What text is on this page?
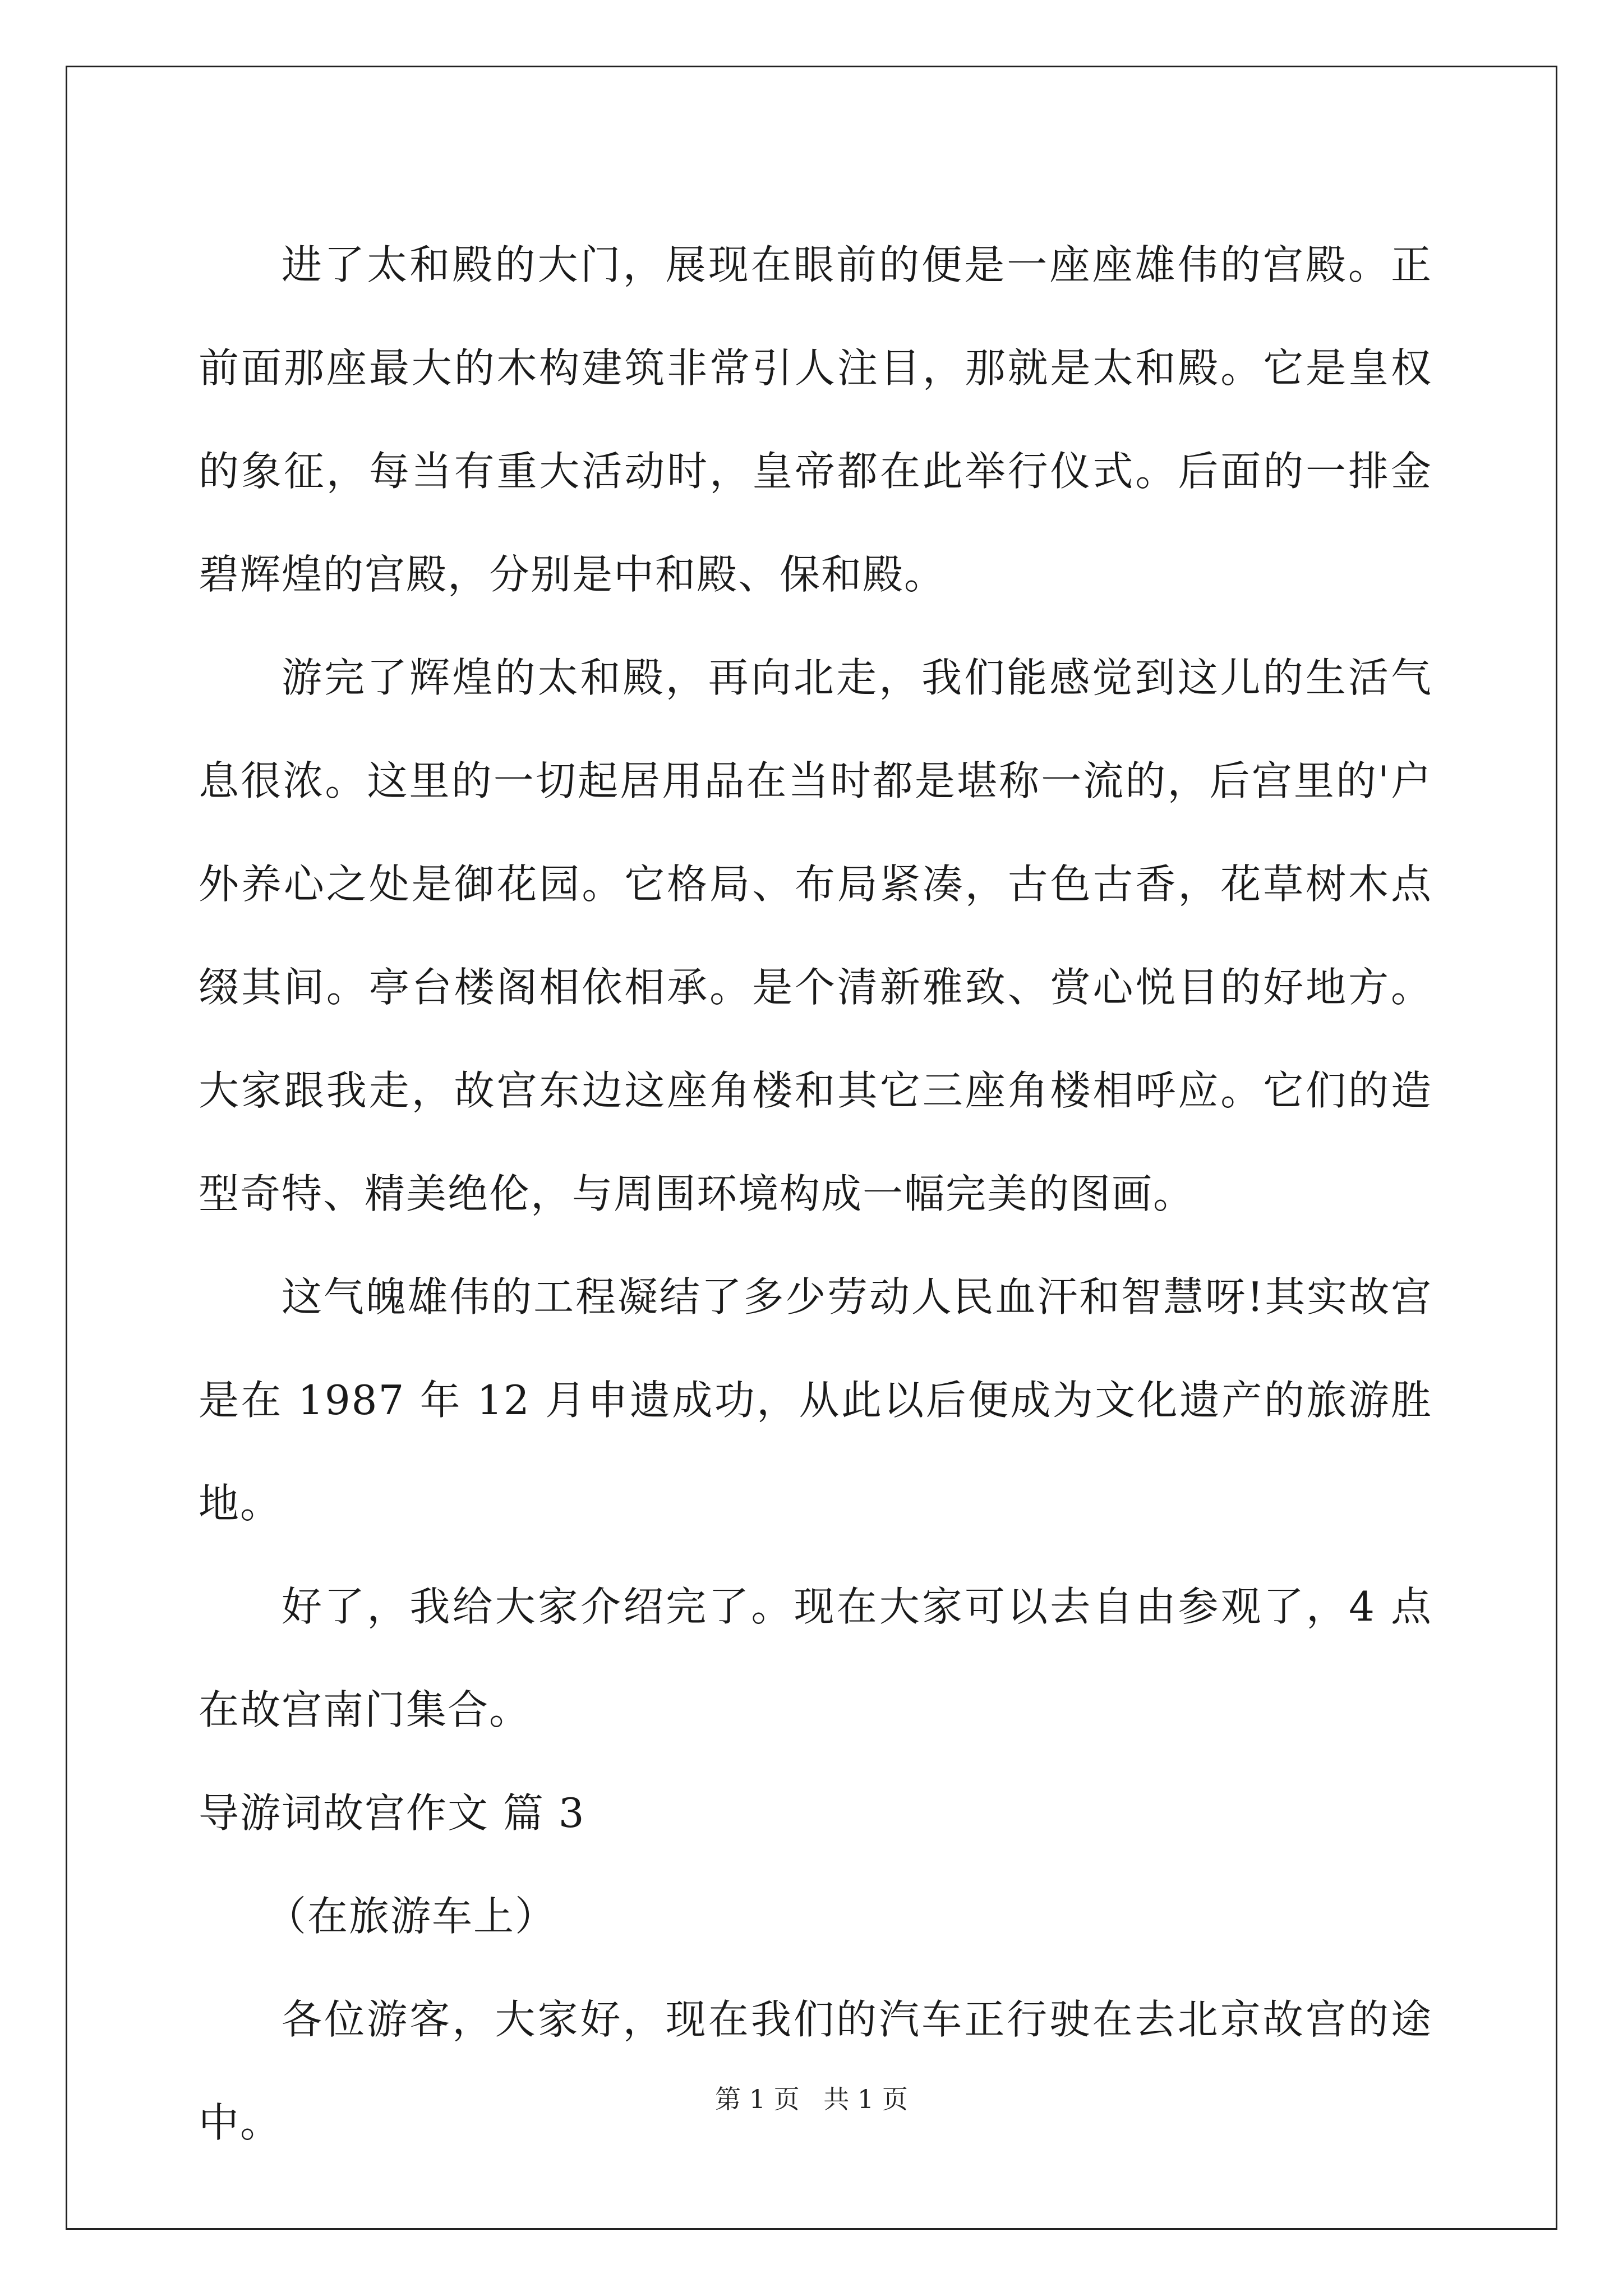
进了太和殿的大门，展现在眼前的便是一座座雄伟的宫殿。正前面那座最大的木构建筑非常引人注目，那就是太和殿。它是皇权的象征，每当有重大活动时，皇帝都在此举行仪式。后面的一排金碧辉煌的宫殿，分别是中和殿、保和殿。

游完了辉煌的太和殿，再向北走，我们能感觉到这儿的生活气息很浓。这里的一切起居用品在当时都是堪称一流的，后宫里的'户外养心之处是御花园。它格局、布局紧凑，古色古香，花草树木点缀其间。亭台楼阁相依相承。是个清新雅致、赏心悦目的好地方。大家跟我走，故宫东边这座角楼和其它三座角楼相呼应。它们的造型奇特、精美绝伦，与周围环境构成一幅完美的图画。

这气魄雄伟的工程凝结了多少劳动人民血汗和智慧呀!其实故宫是在 1987 年 12 月申遗成功，从此以后便成为文化遗产的旅游胜地。

好了，我给大家介绍完了。现在大家可以去自由参观了，4 点在故宫南门集合。

导游词故宫作文 篇 3

（在旅游车上）

各位游客，大家好，现在我们的汽车正行驶在去北京故宫的途中。	第 1 页 共 1 页
